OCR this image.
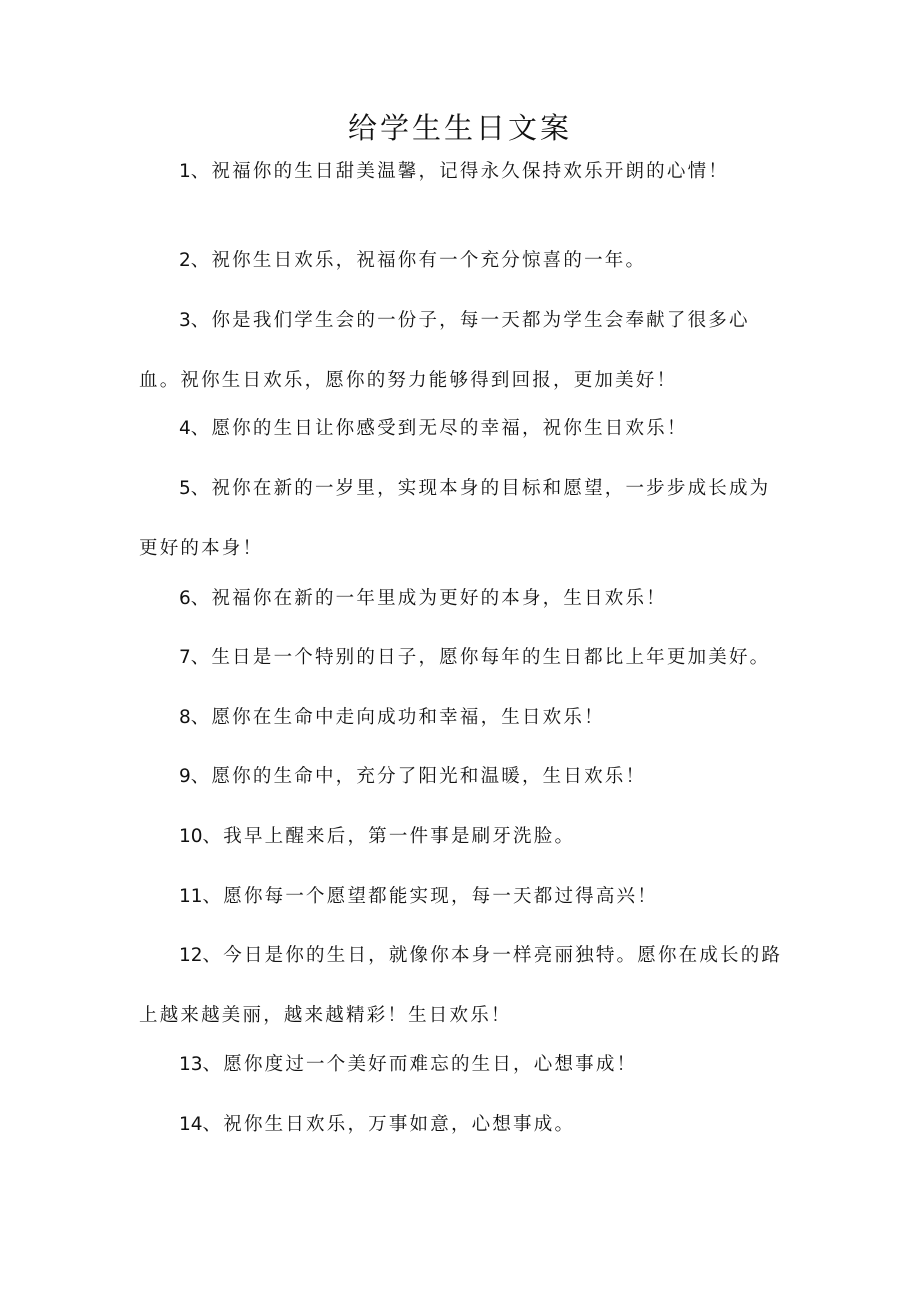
给学生生日文案

1、祝福你的生日甜美温馨，记得永久保持欢乐开朗的心情！

2、祝你生日欢乐，祝福你有一个充分惊喜的一年。

3、你是我们学生会的一份子，每一天都为学生会奉献了很多心血。祝你生日欢乐，愿你的努力能够得到回报，更加美好！

4、愿你的生日让你感受到无尽的幸福，祝你生日欢乐！

5、祝你在新的一岁里，实现本身的目标和愿望，一步步成长成为更好的本身！

6、祝福你在新的一年里成为更好的本身，生日欢乐！

7、生日是一个特别的日子，愿你每年的生日都比上年更加美好。

8、愿你在生命中走向成功和幸福，生日欢乐！

9、愿你的生命中，充分了阳光和温暖，生日欢乐！

10、我早上醒来后，第一件事是刷牙洗脸。

11、愿你每一个愿望都能实现，每一天都过得高兴！

12、今日是你的生日，就像你本身一样亮丽独特。愿你在成长的路上越来越美丽，越来越精彩！生日欢乐！

13、愿你度过一个美好而难忘的生日，心想事成！

14、祝你生日欢乐，万事如意，心想事成。
